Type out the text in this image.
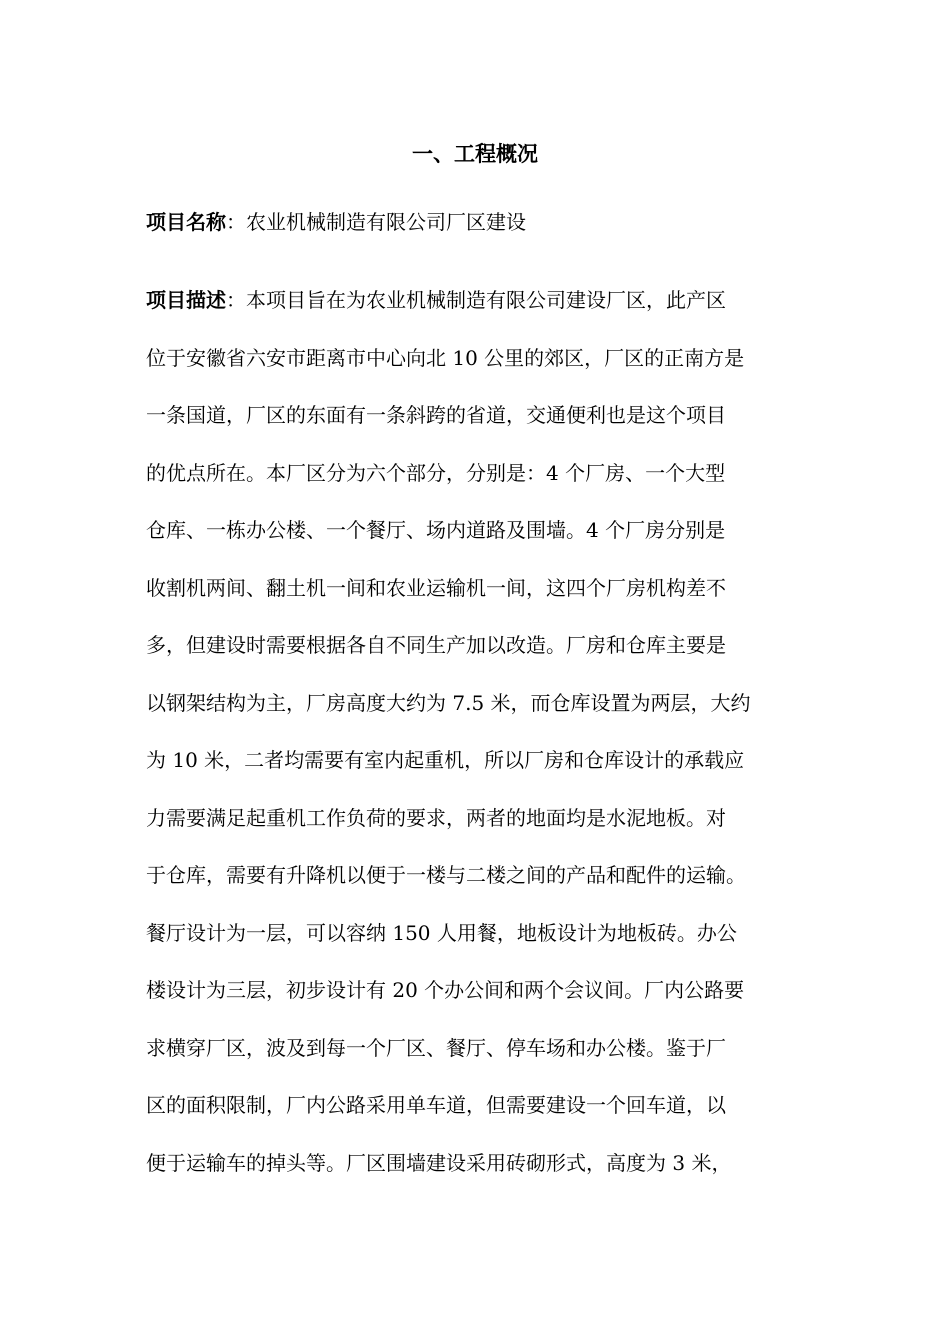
一、工程概况

项目名称：农业机械制造有限公司厂区建设

项目描述：本项目旨在为农业机械制造有限公司建设厂区，此产区
位于安徽省六安市距离市中心向北 10 公里的郊区，厂区的正南方是
一条国道，厂区的东面有一条斜跨的省道，交通便利也是这个项目
的优点所在。本厂区分为六个部分，分别是：4 个厂房、一个大型
仓库、一栋办公楼、一个餐厅、场内道路及围墙。4 个厂房分别是
收割机两间、翻土机一间和农业运输机一间，这四个厂房机构差不
多，但建设时需要根据各自不同生产加以改造。厂房和仓库主要是
以钢架结构为主，厂房高度大约为 7.5 米，而仓库设置为两层，大约
为 10 米，二者均需要有室内起重机，所以厂房和仓库设计的承载应
力需要满足起重机工作负荷的要求，两者的地面均是水泥地板。对
于仓库，需要有升降机以便于一楼与二楼之间的产品和配件的运输。
餐厅设计为一层，可以容纳 150 人用餐，地板设计为地板砖。办公
楼设计为三层，初步设计有 20 个办公间和两个会议间。厂内公路要
求横穿厂区，波及到每一个厂区、餐厅、停车场和办公楼。鉴于厂
区的面积限制，厂内公路采用单车道，但需要建设一个回车道，以
便于运输车的掉头等。厂区围墙建设采用砖砌形式，高度为 3 米，
